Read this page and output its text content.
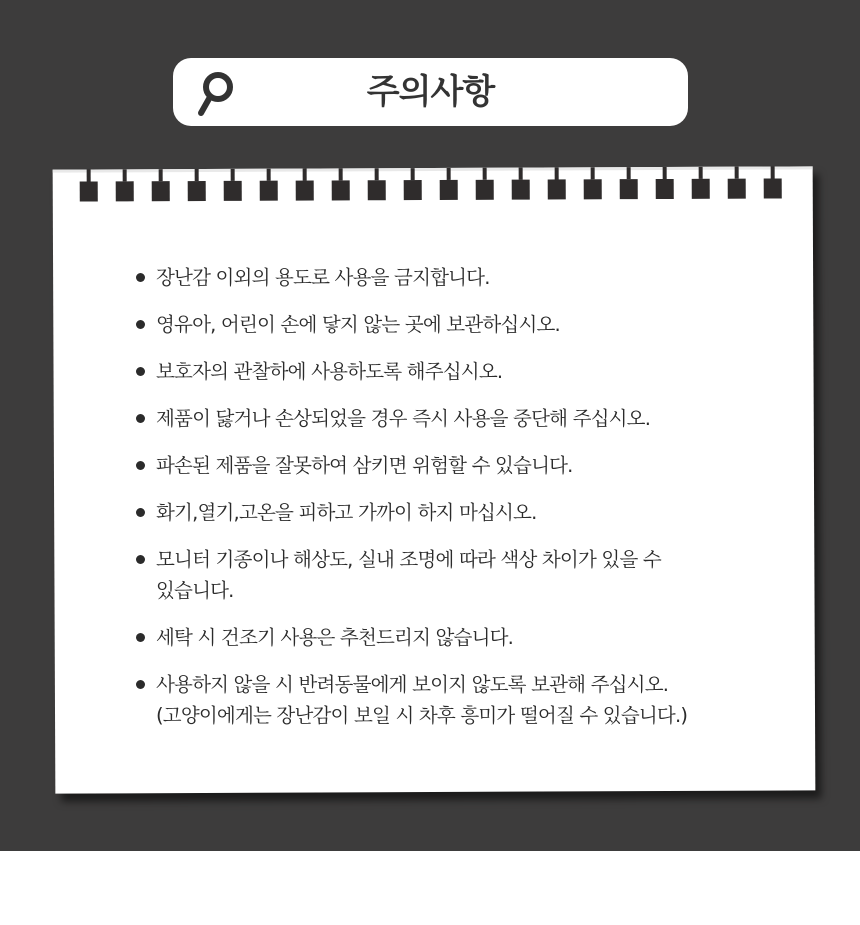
주의사항
장난감 이외의 용도로 사용을 금지합니다.
영유아, 어린이 손에 닿지 않는 곳에 보관하십시오.
보호자의 관찰하에 사용하도록 해주십시오.
제품이 닳거나 손상되었을 경우 즉시 사용을 중단해 주십시오.
파손된 제품을 잘못하여 삼키면 위험할 수 있습니다.
화기,열기,고온을 피하고 가까이 하지 마십시오.
모니터 기종이나 해상도, 실내 조명에 따라 색상 차이가 있을 수
있습니다.
세탁 시 건조기 사용은 추천드리지 않습니다.
사용하지 않을 시 반려동물에게 보이지 않도록 보관해 주십시오.
(고양이에게는 장난감이 보일 시 차후 흥미가 떨어질 수 있습니다.)
